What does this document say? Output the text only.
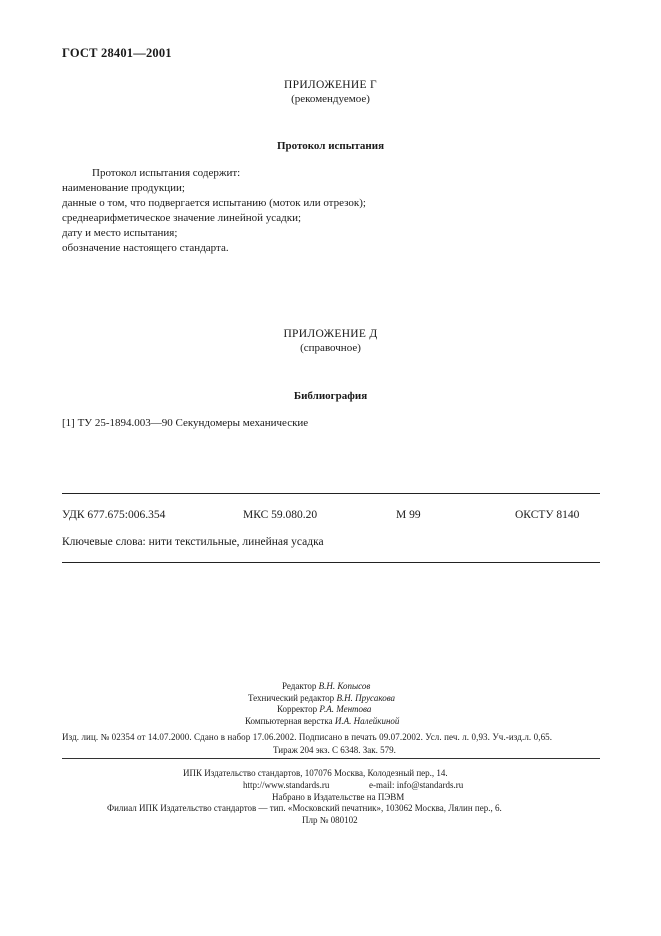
ГОСТ 28401—2001
ПРИЛОЖЕНИЕ Г
(рекомендуемое)
Протокол испытания
Протокол испытания содержит:
наименование продукции;
данные о том, что подвергается испытанию (моток или отрезок);
среднеарифметическое значение линейной усадки;
дату и место испытания;
обозначение настоящего стандарта.
ПРИЛОЖЕНИЕ Д
(справочное)
Библиография
[1] ТУ 25-1894.003—90 Секундомеры механические
УДК 677.675:006.354	МКС 59.080.20	М 99	ОКСТУ 8140
Ключевые слова: нити текстильные, линейная усадка
Редактор В.Н. Копысов
Технический редактор В.Н. Прусакова
Корректор Р.А. Ментова
Компьютерная верстка И.А. Налейкиной
Изд. лиц. № 02354 от 14.07.2000. Сдано в набор 17.06.2002. Подписано в печать 09.07.2002. Усл. печ. л. 0,93. Уч.-изд.л. 0,65.
Тираж 204 экз. С 6348. Зак. 579.
ИПК Издательство стандартов, 107076 Москва, Колодезный пер., 14.
http://www.standards.ru	e-mail: info@standards.ru
Набрано в Издательстве на ПЭВМ
Филиал ИПК Издательство стандартов — тип. «Московский печатник», 103062 Москва, Лялин пер., 6.
Плр № 080102
